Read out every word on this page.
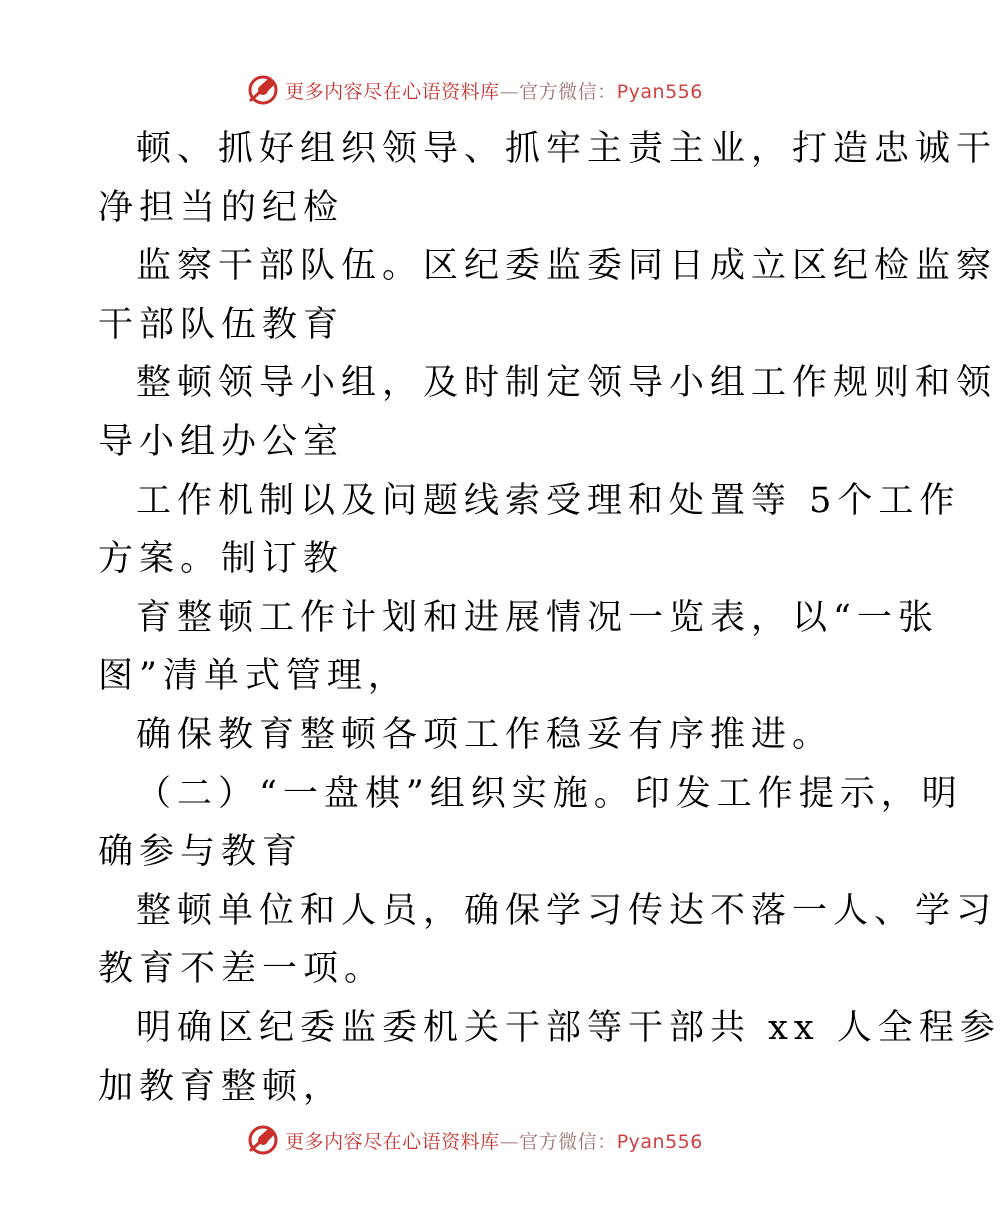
更多内容尽在心语资料库—官方微信：Pyan556
顿、抓好组织领导、抓牢主责主业，打造忠诚干
净担当的纪检
监察干部队伍。区纪委监委同日成立区纪检监察
干部队伍教育
整顿领导小组，及时制定领导小组工作规则和领
导小组办公室
工作机制以及问题线索受理和处置等 5个工作
方案。制订教
育整顿工作计划和进展情况一览表，以“一张
图”清单式管理，
确保教育整顿各项工作稳妥有序推进。
（二）“一盘棋”组织实施。印发工作提示，明
确参与教育
整顿单位和人员，确保学习传达不落一人、学习
教育不差一项。
明确区纪委监委机关干部等干部共 xx 人全程参
加教育整顿，
更多内容尽在心语资料库—官方微信：Pyan556
